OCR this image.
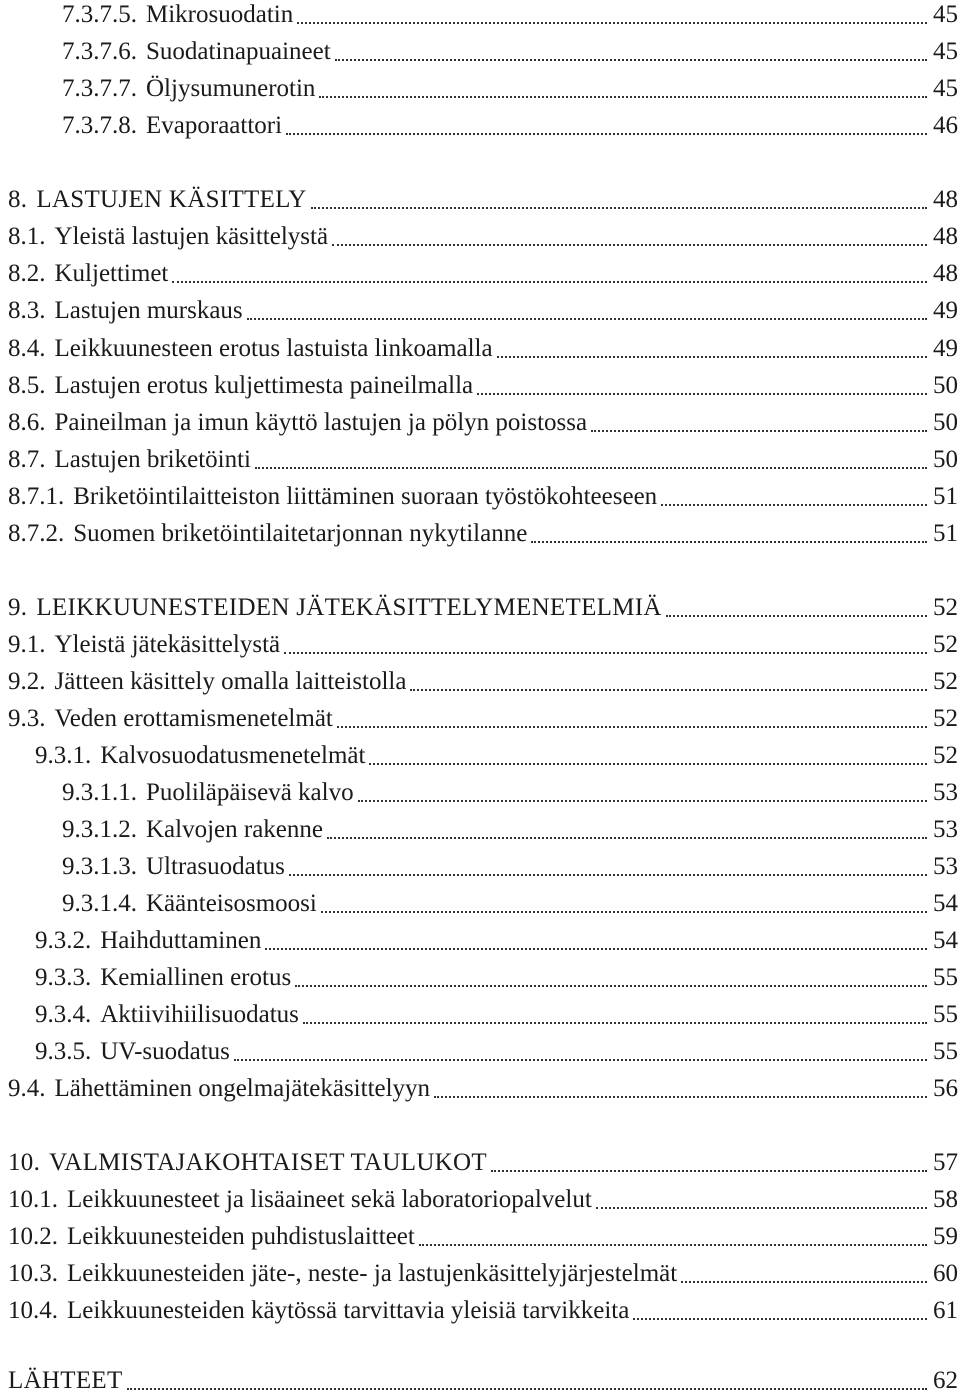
7.3.7.5. Mikrosuodatin	45
7.3.7.6. Suodatinapuaineet	45
7.3.7.7. Öljysumunerotin	45
7.3.7.8. Evaporaattori	46
8. LASTUJEN KÄSITTELY	48
8.1. Yleistä lastujen käsittelystä	48
8.2. Kuljettimet	48
8.3. Lastujen murskaus	49
8.4. Leikkuunesteen erotus lastuista linkoamalla	49
8.5. Lastujen erotus kuljettimesta paineilmalla	50
8.6. Paineilman ja imun käyttö lastujen ja pölyn poistossa	50
8.7. Lastujen briketöinti	50
8.7.1. Briketöintilaitteiston liittäminen suoraan työstökohteeseen	51
8.7.2. Suomen briketöintilaitetarjonnan nykytilanne	51
9. LEIKKUUNESTEIDEN JÄTEKÄSITTELYMENETELMIÄ	52
9.1. Yleistä jätekäsittelystä	52
9.2. Jätteen käsittely omalla laitteistolla	52
9.3. Veden erottamismenetelmät	52
9.3.1. Kalvosuodatusmenetelmät	52
9.3.1.1. Puoliläpäisevä kalvo	53
9.3.1.2. Kalvojen rakenne	53
9.3.1.3. Ultrasuodatus	53
9.3.1.4. Käänteisosmoosi	54
9.3.2. Haihduttaminen	54
9.3.3. Kemiallinen erotus	55
9.3.4. Aktiivihiilisuodatus	55
9.3.5. UV-suodatus	55
9.4. Lähettäminen ongelmajätekäsittelyyn	56
10. VALMISTAJAKOHTAISET TAULUKOT	57
10.1. Leikkuunesteet ja lisäaineet sekä laboratoriopalvelut	58
10.2. Leikkuunesteiden puhdistuslaitteet	59
10.3. Leikkuunesteiden jäte-, neste- ja lastujenkäsittelyjärjestelmät	60
10.4. Leikkuunesteiden käytössä tarvittavia yleisiä tarvikkeita	61
LÄHTEET	62
